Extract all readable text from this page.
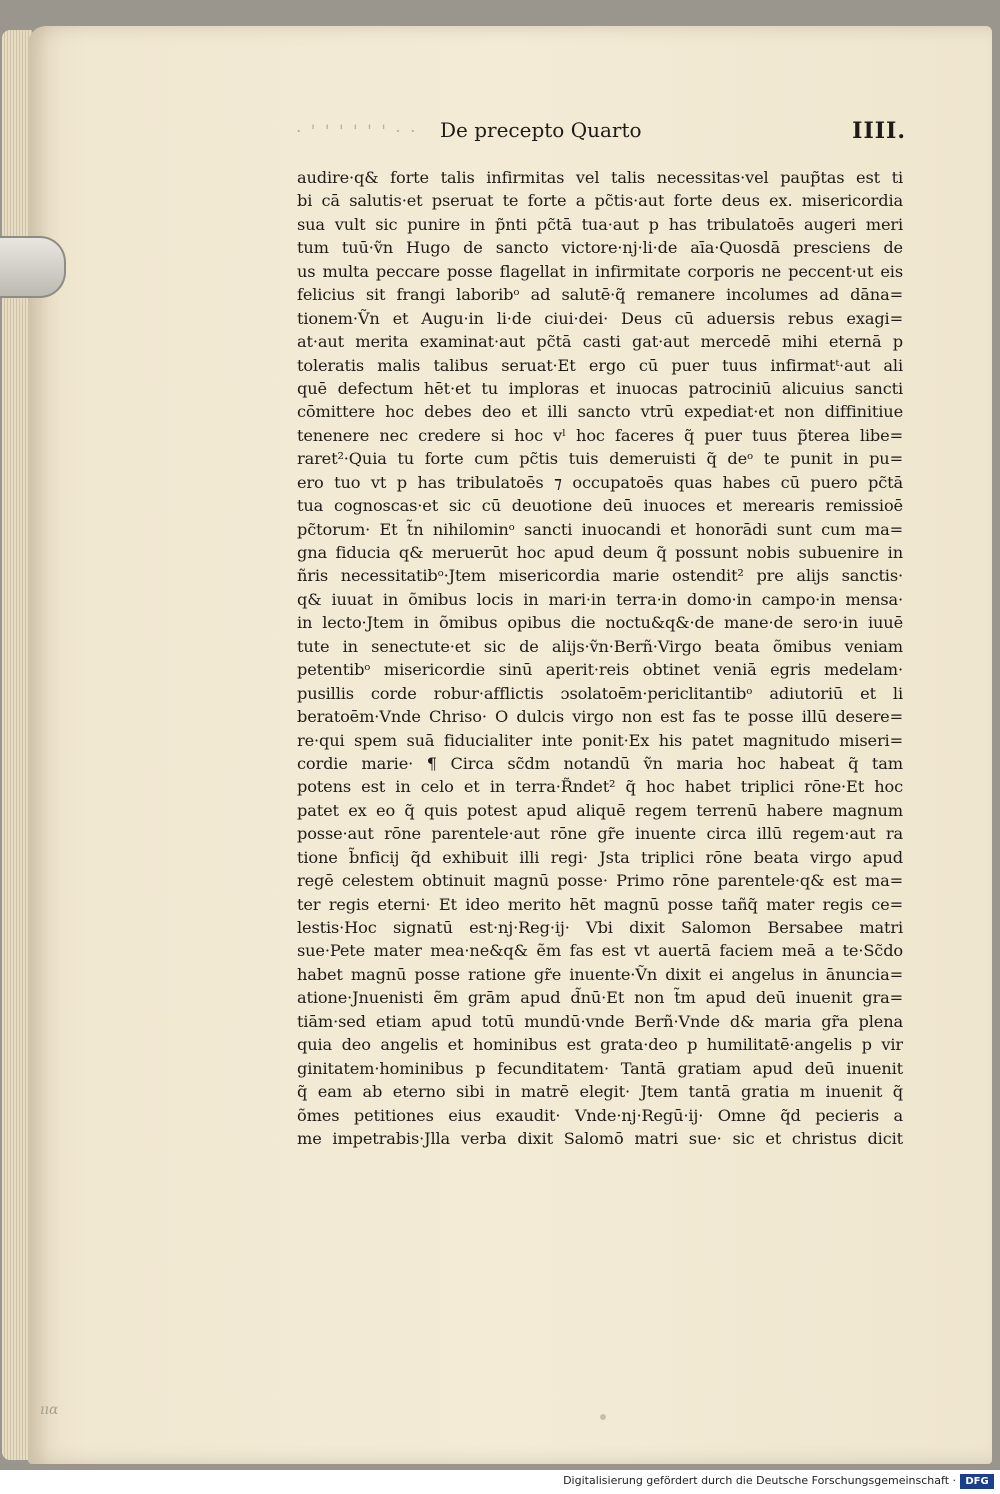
· ' ' ' ' ' ' · · De precepto Quarto	IIII.
audire·q& forte talis infirmitas vel talis necessitas·vel paup̃tas est ti
bi cā salutis·et pseruat te forte a pc̃tis·aut forte deus ex. misericordia
sua vult sic punire in p̃nti pc̃tā tua·aut p has tribulatoēs augeri meri
tum tuū·ṽn Hugo de sancto victore·nj·li·de aīa·Quosdā presciens de
us multa peccare posse flagellat in infirmitate corporis ne peccent·ut eis
felicius sit frangi laboribᵒ ad salutē·q̃ remanere incolumes ad dāna=
tionem·Ṽn et Augu·in li·de ciui·dei· Deus cū aduersis rebus exagi=
at·aut merita examinat·aut pc̃tā casti gat·aut mercedē mihi eternā p
toleratis malis talibus seruat·Et ergo cū puer tuus infirmatᵗ·aut ali
quē defectum hēt·et tu imploras et inuocas patrociniū alicuius sancti
cōmittere hoc debes deo et illi sancto vtrū expediat·et non diffinitiue
tenenere nec credere si hoc vˡ hoc faceres q̃ puer tuus p̃terea libe=
raret²·Quia tu forte cum pc̃tis tuis demeruisti q̃ deᵒ te punit in pu=
ero tuo vt p has tribulatoēs ⁊ occupatoēs quas habes cū puero pc̃tā
tua cognoscas·et sic cū deuotione deū inuoces et merearis remissioē
pc̃torum· Et t̃n nihilominᵒ sancti inuocandi et honorādi sunt cum ma=
gna fiducia q& meruerūt hoc apud deum q̃ possunt nobis subuenire in
ñris necessitatibᵒ·Jtem misericordia marie ostendit² pre alijs sanctis·
q& iuuat in õmibus locis in mari·in terra·in domo·in campo·in mensa·
in lecto·Jtem in õmibus opibus die noctu&q&·de mane·de sero·in iuuē
tute in senectute·et sic de alijs·ṽn·Berñ·Virgo beata õmibus veniam
petentibᵒ misericordie sinū aperit·reis obtinet veniā egris medelam·
pusillis corde robur·afflictis ɔsolatoēm·periclitantibᵒ adiutoriū et li
beratoēm·Vnde Chriso· O dulcis virgo non est fas te posse illū desere=
re·qui spem suā fiducialiter inte ponit·Ex his patet magnitudo miseri=
cordie marie· ¶ Circa sc̃dm notandū ṽn maria hoc habeat q̃ tam
potens est in celo et in terra·R̃ndet² q̃ hoc habet triplici rōne·Et hoc
patet ex eo q̃ quis potest apud aliquē regem terrenū habere magnum
posse·aut rōne parentele·aut rōne gr̃e inuente circa illū regem·aut ra
tione b̃nficij q̃d exhibuit illi regi· Jsta triplici rōne beata virgo apud
regē celestem obtinuit magnū posse· Primo rōne parentele·q& est ma=
ter regis eterni· Et ideo merito hēt magnū posse tañq̃ mater regis ce=
lestis·Hoc signatū est·nj·Reg·ij· Vbi dixit Salomon Bersabee matri
sue·Pete mater mea·ne&q& ẽm fas est vt auertā faciem meā a te·Sc̃do
habet magnū posse ratione gr̃e inuente·Ṽn dixit ei angelus in ānuncia=
atione·Jnuenisti ẽm grām apud d̃nū·Et non t̃m apud deū inuenit gra=
tiām·sed etiam apud totū mundū·vnde Berñ·Vnde d& maria gr̃a plena
quia deo angelis et hominibus est grata·deo p humilitatē·angelis p vir
ginitatem·hominibus p fecunditatem· Tantā gratiam apud deū inuenit
q̃ eam ab eterno sibi in matrē elegit· Jtem tantā gratia m inuenit q̃
õmes petitiones eius exaudit· Vnde·nj·Regū·ij· Omne q̃d pecieris a
me impetrabis·Jlla verba dixit Salomō matri sue· sic et christus dicit
ııα
Digitalisierung gefördert durch die Deutsche Forschungsgemeinschaft · DFG
